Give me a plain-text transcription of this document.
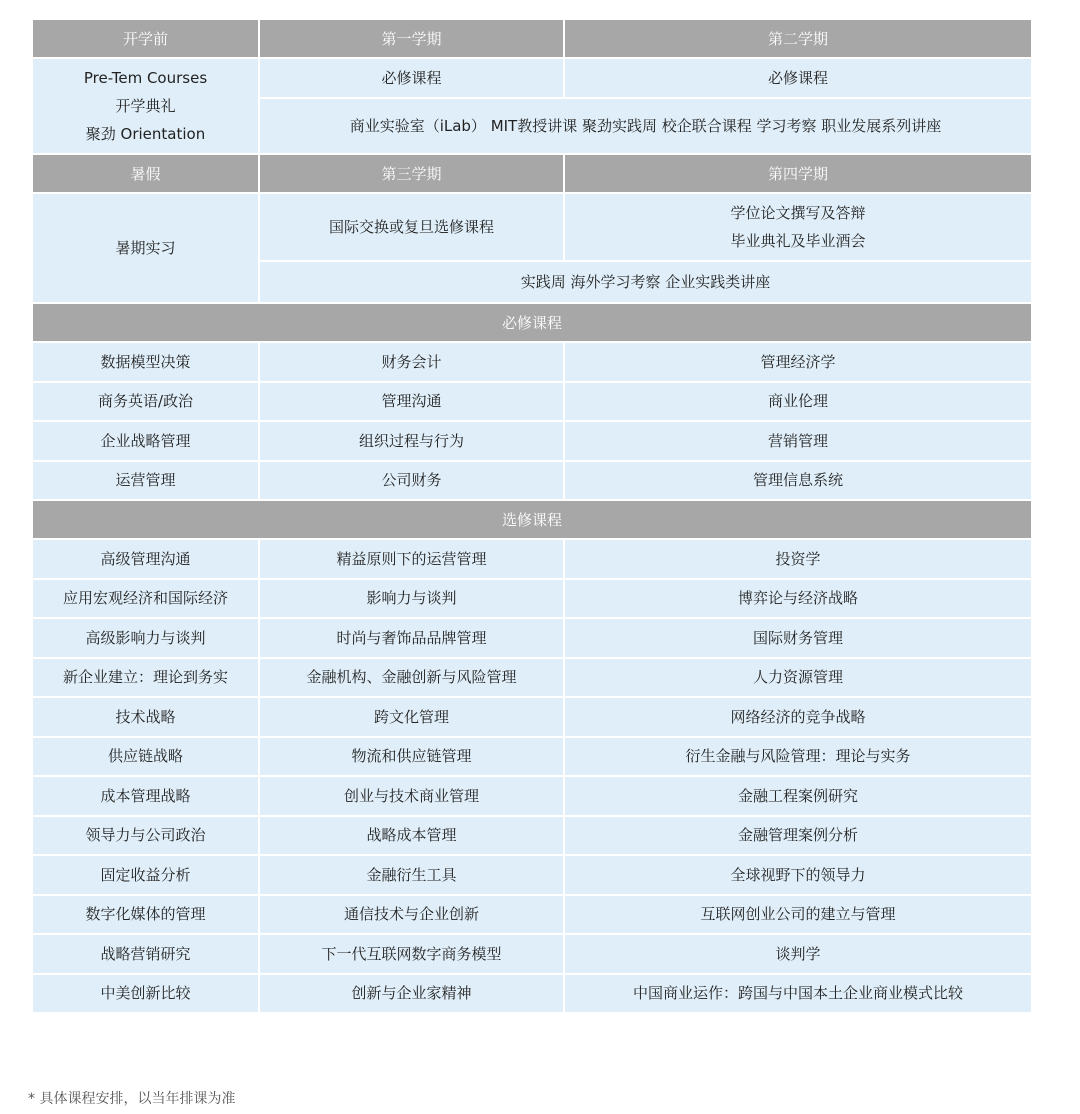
开学前	第一学期	第二学期

Pre-Tem Courses
开学典礼
聚劲 Orientation	必修课程	必修课程
	商业实验室（iLab） MIT教授讲课 聚劲实践周 校企联合课程 学习考察 职业发展系列讲座	
暑假	第三学期	第四学期
暑期实习	国际交换或复旦选修课程	学位论文撰写及答辩
毕业典礼及毕业酒会

	实践周 海外学习考察 企业实践类讲座	
必修课程		
数据模型决策	财务会计	管理经济学
商务英语/政治	管理沟通	商业伦理
企业战略管理	组织过程与行为	营销管理
运营管理	公司财务	管理信息系统
选修课程		
高级管理沟通	精益原则下的运营管理	投资学
应用宏观经济和国际经济	影响力与谈判	博弈论与经济战略
高级影响力与谈判	时尚与奢饰品品牌管理	国际财务管理
新企业建立：理论到务实	金融机构、金融创新与风险管理	人力资源管理
技术战略	跨文化管理	网络经济的竞争战略
供应链战略	物流和供应链管理	衍生金融与风险管理：理论与实务
成本管理战略	创业与技术商业管理	金融工程案例研究
领导力与公司政治	战略成本管理	金融管理案例分析
固定收益分析	金融衍生工具	全球视野下的领导力
数字化媒体的管理	通信技术与企业创新	互联网创业公司的建立与管理
战略营销研究	下一代互联网数字商务模型	谈判学
中美创新比较	创新与企业家精神	中国商业运作：跨国与中国本土企业商业模式比较
* 具体课程安排，以当年排课为准
